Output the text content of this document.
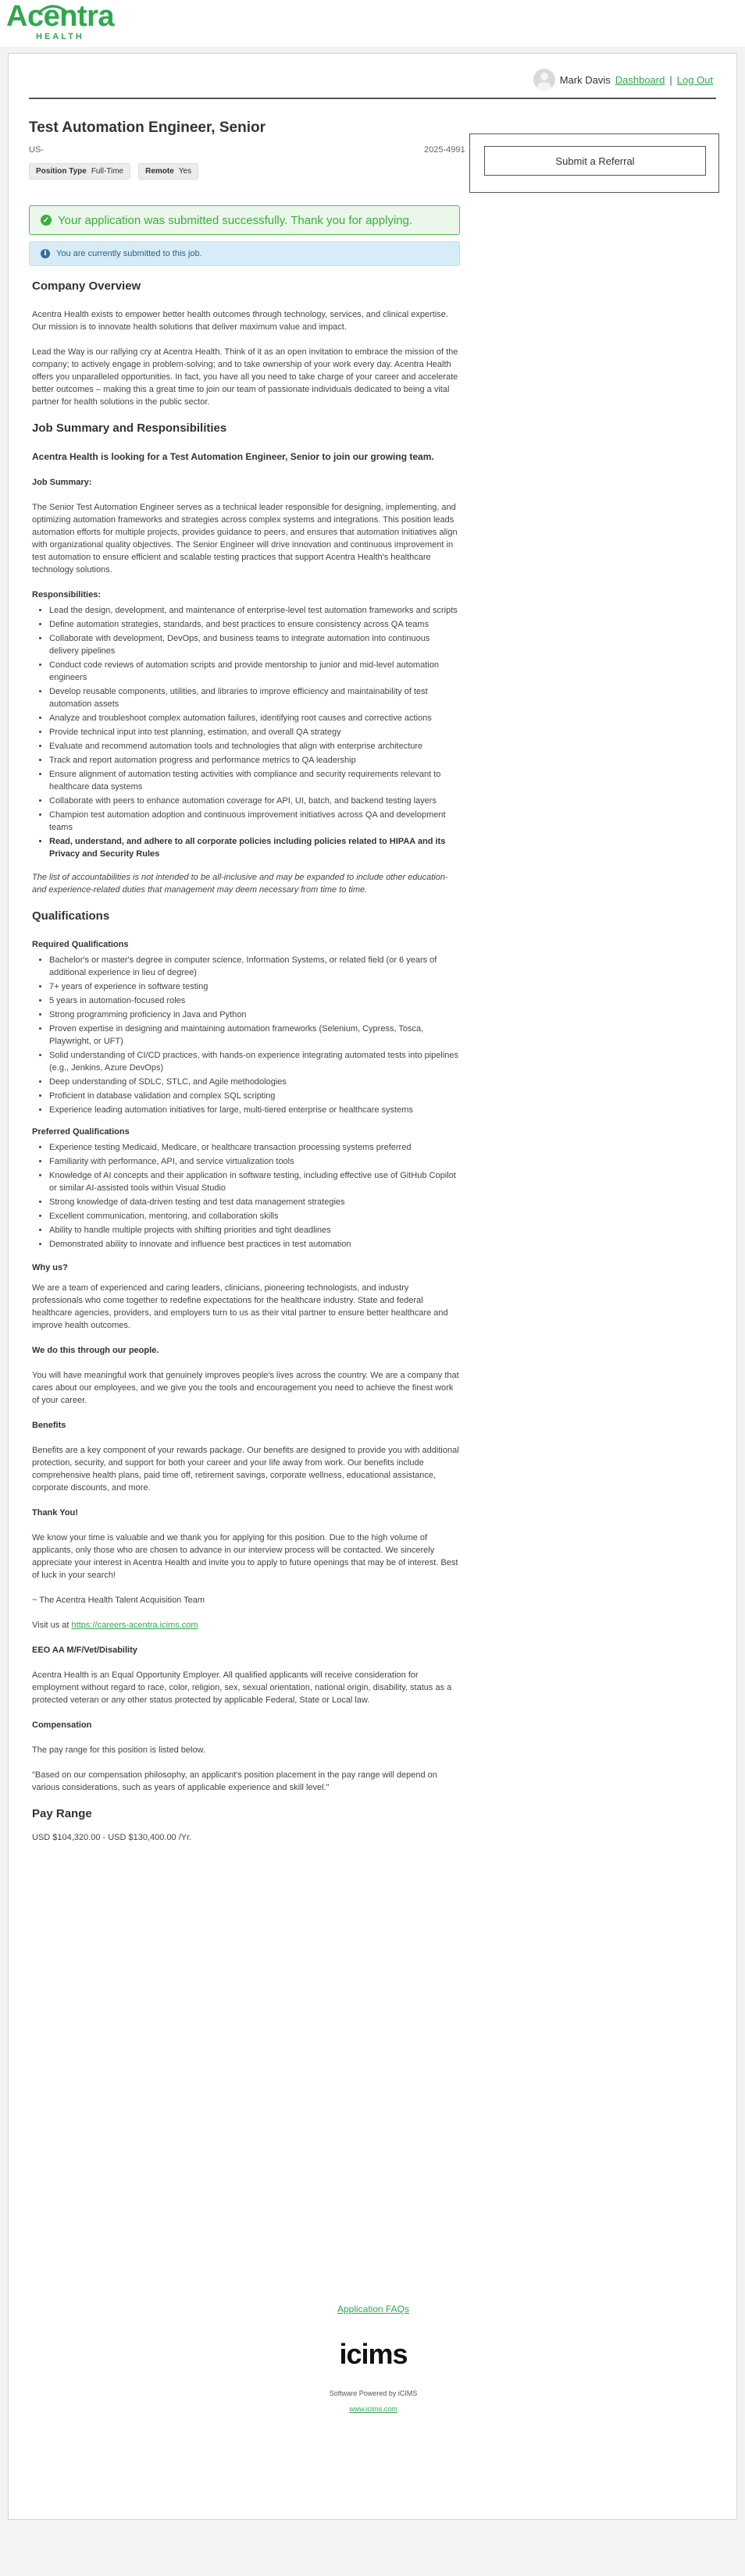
Acentra
HEALTH
Mark Davis Dashboard | Log Out
Test Automation Engineer, Senior
US-	2025-4991
Position Type Full-Time	Remote Yes
Submit a Referral
✓ Your application was submitted successfully. Thank you for applying.
i	You are currently submitted to this job.
Company Overview

Acentra Health exists to empower better health outcomes through technology, services, and clinical expertise. Our mission is to innovate health solutions that deliver maximum value and impact.

Lead the Way is our rallying cry at Acentra Health. Think of it as an open invitation to embrace the mission of the company; to actively engage in problem-solving; and to take ownership of your work every day. Acentra Health offers you unparalleled opportunities. In fact, you have all you need to take charge of your career and accelerate better outcomes – making this a great time to join our team of passionate individuals dedicated to being a vital partner for health solutions in the public sector.

Job Summary and Responsibilities

Acentra Health is looking for a Test Automation Engineer, Senior to join our growing team.

Job Summary:

The Senior Test Automation Engineer serves as a technical leader responsible for designing, implementing, and optimizing automation frameworks and strategies across complex systems and integrations. This position leads automation efforts for multiple projects, provides guidance to peers, and ensures that automation initiatives align with organizational quality objectives. The Senior Engineer will drive innovation and continuous improvement in test automation to ensure efficient and scalable testing practices that support Acentra Health's healthcare technology solutions.

Responsibilities:

• Lead the design, development, and maintenance of enterprise-level test automation frameworks and scripts
• Define automation strategies, standards, and best practices to ensure consistency across QA teams
• Collaborate with development, DevOps, and business teams to integrate automation into continuous delivery pipelines
• Conduct code reviews of automation scripts and provide mentorship to junior and mid-level automation engineers
• Develop reusable components, utilities, and libraries to improve efficiency and maintainability of test automation assets
• Analyze and troubleshoot complex automation failures, identifying root causes and corrective actions
• Provide technical input into test planning, estimation, and overall QA strategy
• Evaluate and recommend automation tools and technologies that align with enterprise architecture
• Track and report automation progress and performance metrics to QA leadership
• Ensure alignment of automation testing activities with compliance and security requirements relevant to healthcare data systems
• Collaborate with peers to enhance automation coverage for API, UI, batch, and backend testing layers
• Champion test automation adoption and continuous improvement initiatives across QA and development teams
• Read, understand, and adhere to all corporate policies including policies related to HIPAA and its Privacy and Security Rules

The list of accountabilities is not intended to be all-inclusive and may be expanded to include other education- and experience-related duties that management may deem necessary from time to time.

Qualifications

Required Qualifications

• Bachelor's or master's degree in computer science, Information Systems, or related field (or 6 years of additional experience in lieu of degree)
• 7+ years of experience in software testing
• 5 years in automation-focused roles
• Strong programming proficiency in Java and Python
• Proven expertise in designing and maintaining automation frameworks (Selenium, Cypress, Tosca, Playwright, or UFT)
• Solid understanding of CI/CD practices, with hands-on experience integrating automated tests into pipelines (e.g., Jenkins, Azure DevOps)
• Deep understanding of SDLC, STLC, and Agile methodologies
• Proficient in database validation and complex SQL scripting
• Experience leading automation initiatives for large, multi-tiered enterprise or healthcare systems

Preferred Qualifications

• Experience testing Medicaid, Medicare, or healthcare transaction processing systems preferred
• Familiarity with performance, API, and service virtualization tools
• Knowledge of AI concepts and their application in software testing, including effective use of GitHub Copilot or similar AI-assisted tools within Visual Studio
• Strong knowledge of data-driven testing and test data management strategies
• Excellent communication, mentoring, and collaboration skills
• Ability to handle multiple projects with shifting priorities and tight deadlines
• Demonstrated ability to innovate and influence best practices in test automation

Why us?

We are a team of experienced and caring leaders, clinicians, pioneering technologists, and industry professionals who come together to redefine expectations for the healthcare industry. State and federal healthcare agencies, providers, and employers turn to us as their vital partner to ensure better healthcare and improve health outcomes.

We do this through our people.

You will have meaningful work that genuinely improves people's lives across the country. We are a company that cares about our employees, and we give you the tools and encouragement you need to achieve the finest work of your career.

Benefits

Benefits are a key component of your rewards package. Our benefits are designed to provide you with additional protection, security, and support for both your career and your life away from work. Our benefits include comprehensive health plans, paid time off, retirement savings, corporate wellness, educational assistance, corporate discounts, and more.

Thank You!

We know your time is valuable and we thank you for applying for this position. Due to the high volume of applicants, only those who are chosen to advance in our interview process will be contacted. We sincerely appreciate your interest in Acentra Health and invite you to apply to future openings that may be of interest. Best of luck in your search!

~ The Acentra Health Talent Acquisition Team

Visit us at https://careers-acentra.icims.com

EEO AA M/F/Vet/Disability

Acentra Health is an Equal Opportunity Employer. All qualified applicants will receive consideration for employment without regard to race, color, religion, sex, sexual orientation, national origin, disability, status as a protected veteran or any other status protected by applicable Federal, State or Local law.

Compensation

The pay range for this position is listed below.

"Based on our compensation philosophy, an applicant's position placement in the pay range will depend on various considerations, such as years of applicable experience and skill level."

Pay Range

USD $104,320.00 - USD $130,400.00 /Yr.

Application FAQs
icims
Software Powered by iCIMS
www.icims.com
